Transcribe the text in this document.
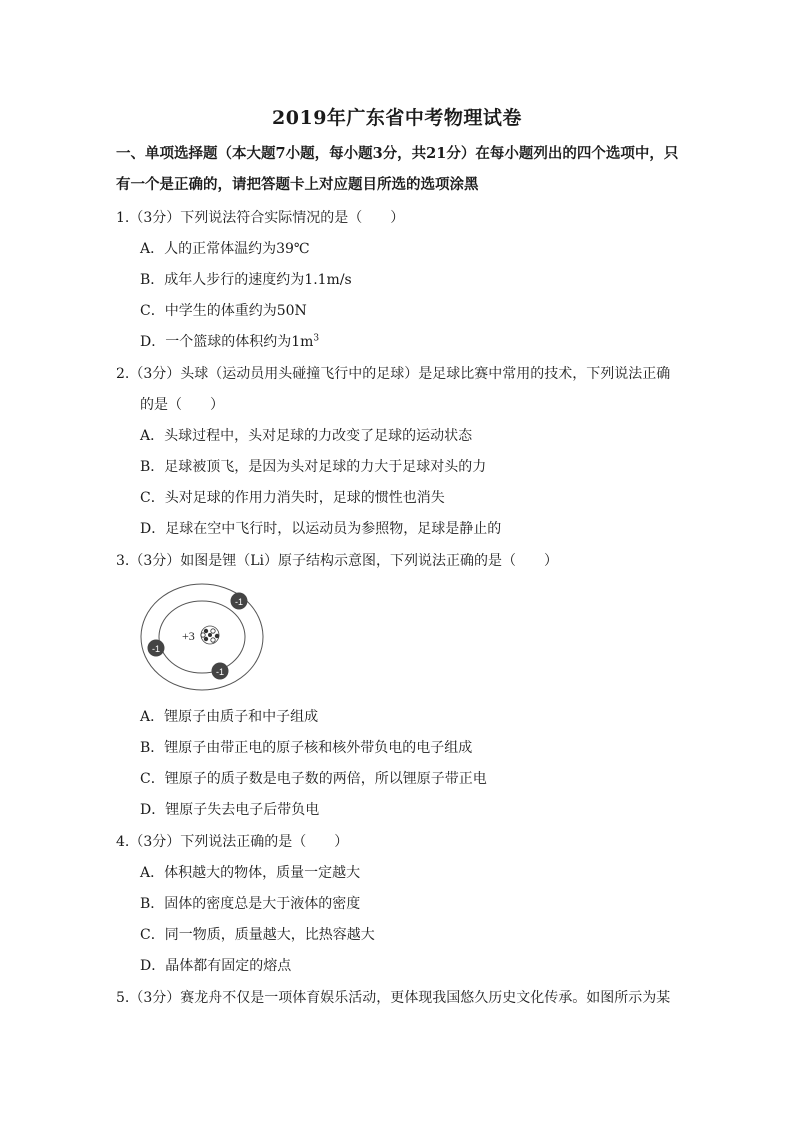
2019年广东省中考物理试卷
一、单项选择题（本大题7小题，每小题3分，共21分）在每小题列出的四个选项中，只
有一个是正确的，请把答题卡上对应题目所选的选项涂黑
1.（3分）下列说法符合实际情况的是（　　）
A．人的正常体温约为39℃
B．成年人步行的速度约为1.1m/s
C．中学生的体重约为50N
D．一个篮球的体积约为$1m^3$
2.（3分）头球（运动员用头碰撞飞行中的足球）是足球比赛中常用的技术，下列说法正确
的是（　　）
A．头球过程中，头对足球的力改变了足球的运动状态
B．足球被顶飞，是因为头对足球的力大于足球对头的力
C．头对足球的作用力消失时，足球的惯性也消失
D．足球在空中飞行时，以运动员为参照物，足球是静止的
3.（3分）如图是锂（Li）原子结构示意图，下列说法正确的是（　　）
+3
-1
-1
-1
A．锂原子由质子和中子组成
B．锂原子由带正电的原子核和核外带负电的电子组成
C．锂原子的质子数是电子数的两倍，所以锂原子带正电
D．锂原子失去电子后带负电
4.（3分）下列说法正确的是（　　）
A．体积越大的物体，质量一定越大
B．固体的密度总是大于液体的密度
C．同一物质，质量越大，比热容越大
D．晶体都有固定的熔点
5.（3分）赛龙舟不仅是一项体育娱乐活动，更体现我国悠久历史文化传承。如图所示为某
